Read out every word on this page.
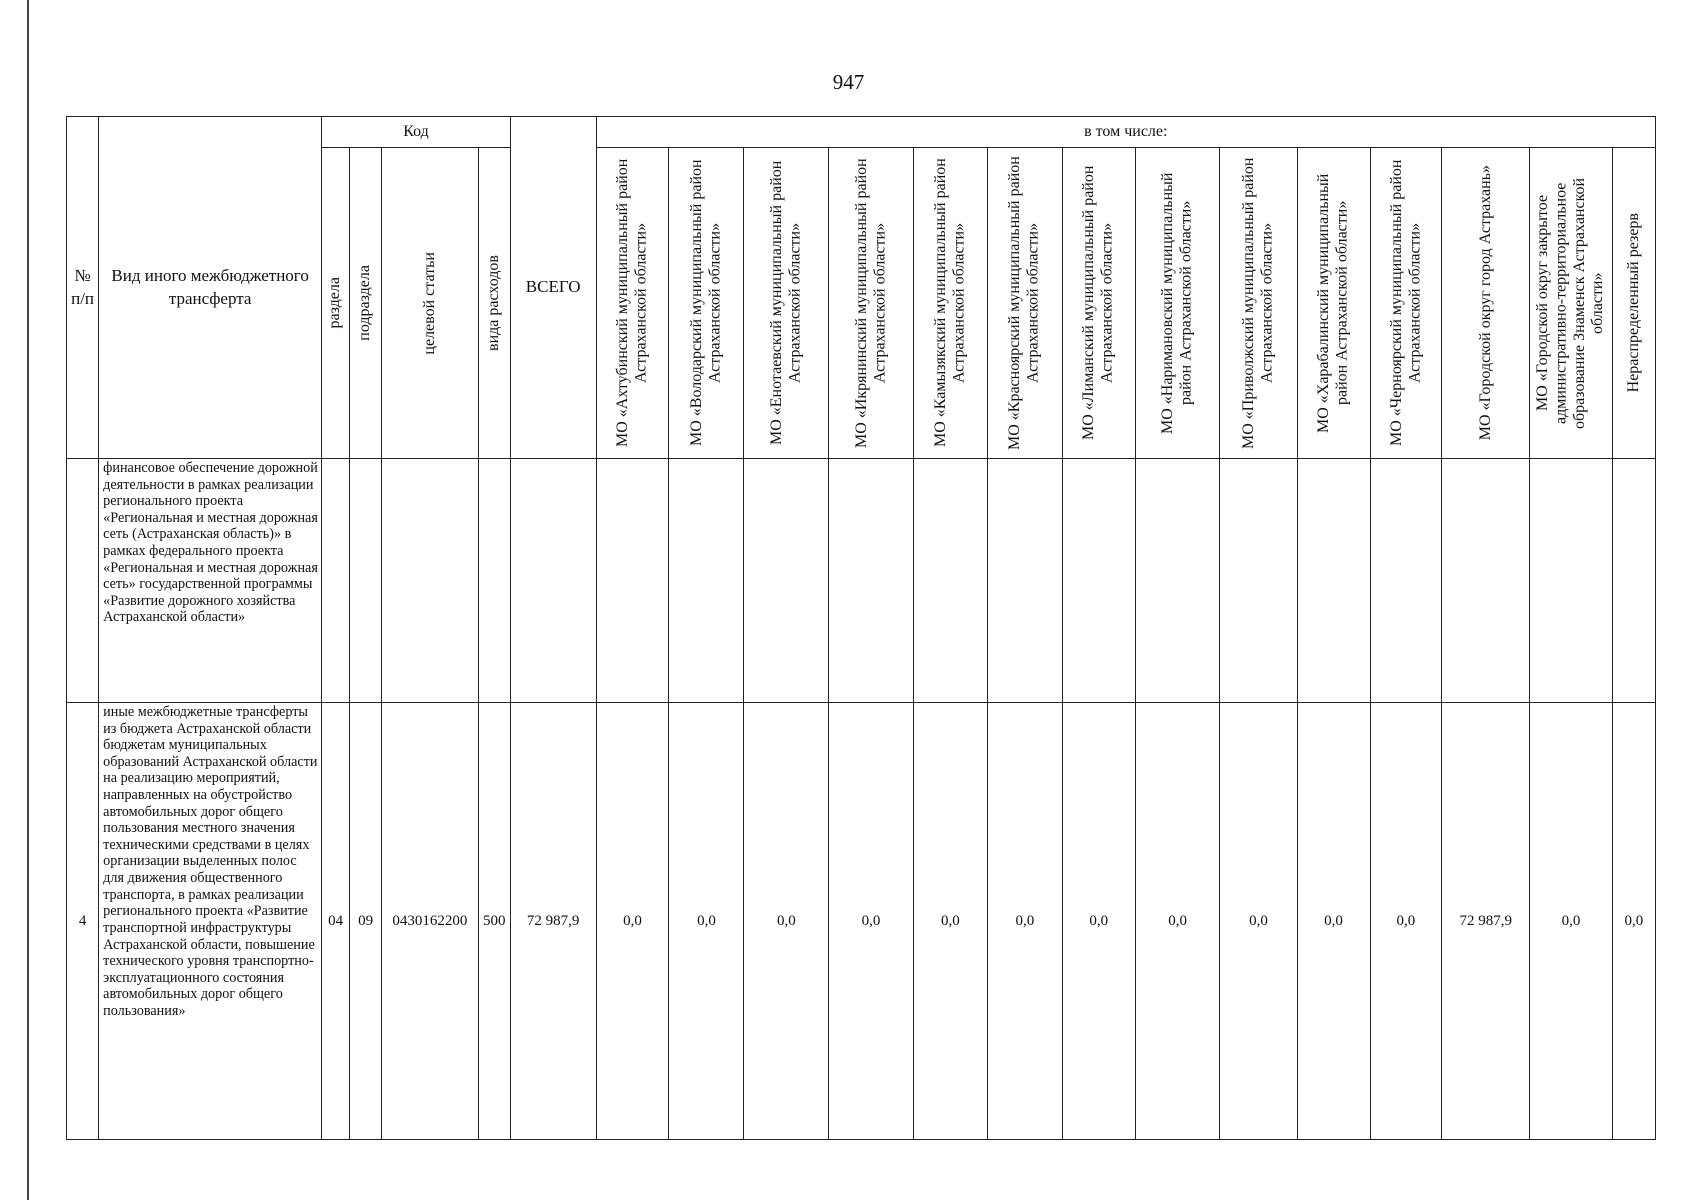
947
№ п/п	Вид иного межбюджетного трансферта	Код				ВСЕГО	в том числе:													

		раздела	подраздела	целевой статьи	вида расходов		МО «Ахтубинский муниципальный район Астраханской области»	МО «Володарский муниципальный район Астраханской области»	МО «Енотаевский муниципальный район Астраханской области»	МО «Икрянинский муниципальный район Астраханской области»	МО «Камызякский муниципальный район Астраханской области»	МО «Красноярский муниципальный район Астраханской области»	МО «Лиманский муниципальный район Астраханской области»	МО «Наримановский муниципальный район Астраханской области»	МО «Приволжский муниципальный район Астраханской области»	МО «Харабалинский муниципальный район Астраханской области»	МО «Черноярский муниципальный район Астраханской области»	МО «Городской округ город Астрахань»	МО «Городской округ закрытое административно-территориальное образование Знаменск Астраханской области»	Нераспределенный резерв

	финансовое обеспечение дорожной деятельности в рамках реализации регионального проекта «Региональная и местная дорожная сеть (Астраханская область)» в рамках федерального проекта «Региональная и местная дорожная сеть» государственной программы «Развитие дорожного хозяйства Астраханской области»																			
4	иные межбюджетные трансферты из бюджета Астраханской области бюджетам муниципальных образований Астраханской области на реализацию мероприятий, направленных на обустройство автомобильных дорог общего пользования местного значения техническими средствами в целях организации выделенных полос для движения общественного транспорта, в рамках реализации регионального проекта «Развитие транспортной инфраструктуры Астраханской области, повышение технического уровня транспортно-эксплуатационного состояния автомобильных дорог общего пользования»	04	09	0430162200	500	72 987,9	0,0	0,0	0,0	0,0	0,0	0,0	0,0	0,0	0,0	0,0	0,0	72 987,9	0,0	0,0
